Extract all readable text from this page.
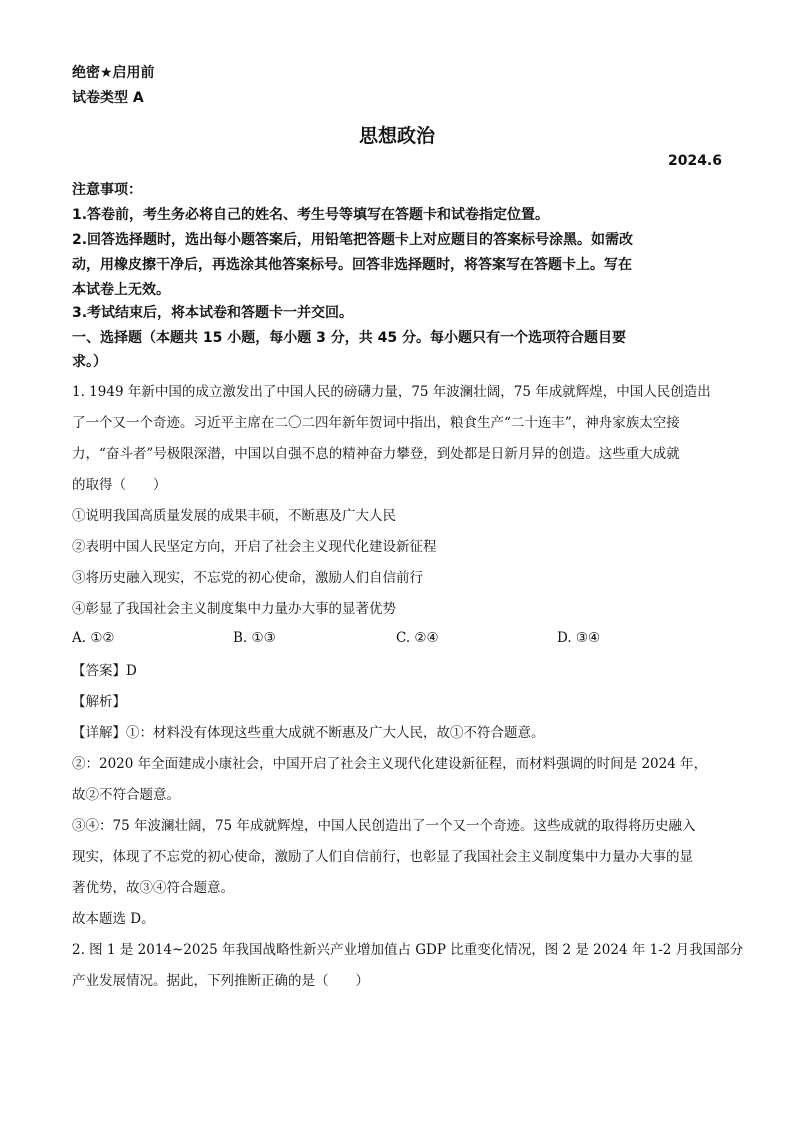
绝密★启用前
试卷类型 A
思想政治
2024.6
注意事项：
1.答卷前，考生务必将自己的姓名、考生号等填写在答题卡和试卷指定位置。
2.回答选择题时，选出每小题答案后，用铅笔把答题卡上对应题目的答案标号涂黑。如需改
动，用橡皮擦干净后，再选涂其他答案标号。回答非选择题时，将答案写在答题卡上。写在
本试卷上无效。
3.考试结束后，将本试卷和答题卡一并交回。
一、选择题（本题共 15 小题，每小题 3 分，共 45 分。每小题只有一个选项符合题目要
求。）
1. 1949 年新中国的成立激发出了中国人民的磅礴力量，75 年波澜壮阔，75 年成就辉煌，中国人民创造出
了一个又一个奇迹。习近平主席在二〇二四年新年贺词中指出，粮食生产“二十连丰”，神舟家族太空接
力，“奋斗者”号极限深潜，中国以自强不息的精神奋力攀登，到处都是日新月异的创造。这些重大成就
的取得（　　）
①说明我国高质量发展的成果丰硕，不断惠及广大人民
②表明中国人民坚定方向，开启了社会主义现代化建设新征程
③将历史融入现实，不忘党的初心使命，激励人们自信前行
④彰显了我国社会主义制度集中力量办大事的显著优势
A. ①②	B. ①③	C. ②④	D. ③④
【答案】D
【解析】
【详解】①：材料没有体现这些重大成就不断惠及广大人民，故①不符合题意。
②：2020 年全面建成小康社会，中国开启了社会主义现代化建设新征程，而材料强调的时间是 2024 年，
故②不符合题意。
③④：75 年波澜壮阔，75 年成就辉煌，中国人民创造出了一个又一个奇迹。这些成就的取得将历史融入
现实，体现了不忘党的初心使命，激励了人们自信前行，也彰显了我国社会主义制度集中力量办大事的显
著优势，故③④符合题意。
故本题选 D。
2. 图 1 是 2014~2025 年我国战略性新兴产业增加值占 GDP 比重变化情况，图 2 是 2024 年 1-2 月我国部分
产业发展情况。据此，下列推断正确的是（　　）
